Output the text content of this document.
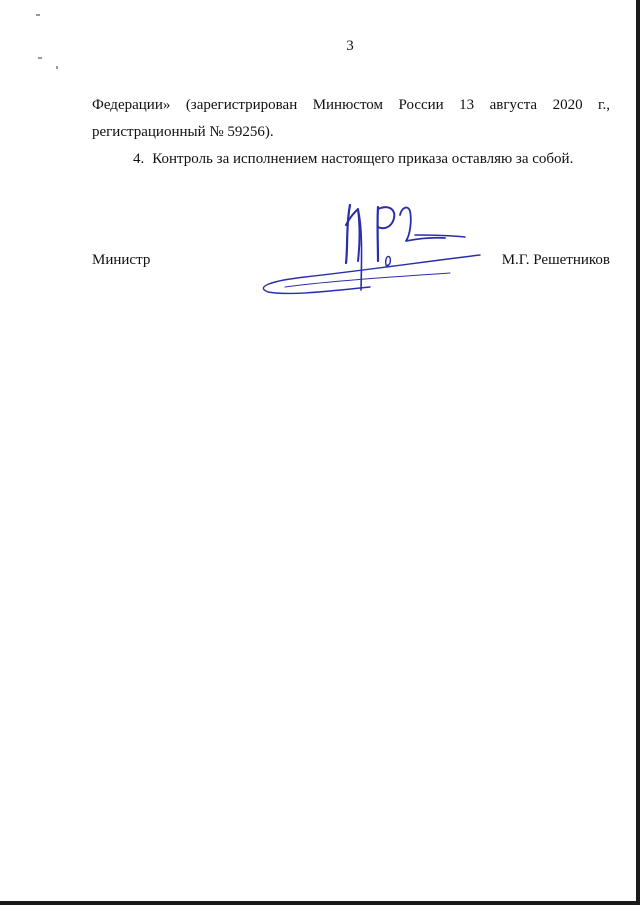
3
Федерации» (зарегистрирован Минюстом России 13 августа 2020 г.,
регистрационный № 59256).
4. Контроль за исполнением настоящего приказа оставляю за собой.
Министр	М.Г. Решетников
